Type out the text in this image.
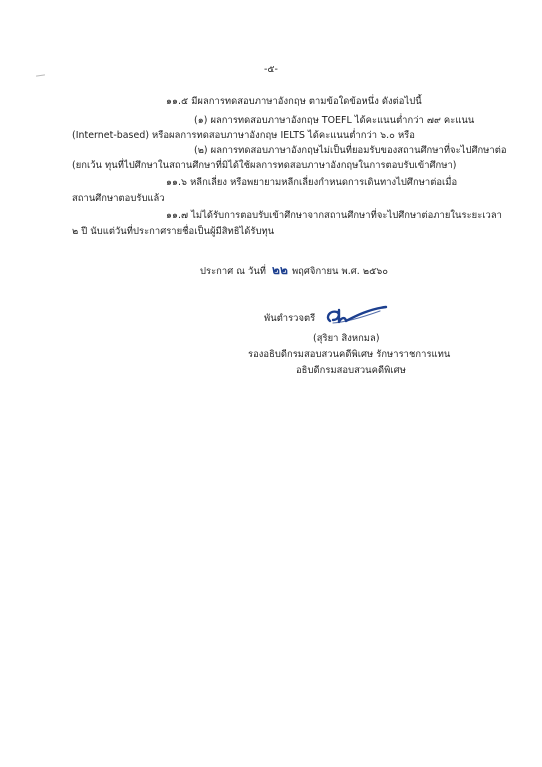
-๕-
๑๑.๕ มีผลการทดสอบภาษาอังกฤษ ตามข้อใดข้อหนึ่ง ดังต่อไปนี้
(๑) ผลการทดสอบภาษาอังกฤษ TOEFL ได้คะแนนต่ำกว่า ๗๙ คะแนน
(Internet-based) หรือผลการทดสอบภาษาอังกฤษ IELTS ได้คะแนนต่ำกว่า ๖.๐ หรือ
(๒) ผลการทดสอบภาษาอังกฤษไม่เป็นที่ยอมรับของสถานศึกษาที่จะไปศึกษาต่อ
(ยกเว้น ทุนที่ไปศึกษาในสถานศึกษาที่มิได้ใช้ผลการทดสอบภาษาอังกฤษในการตอบรับเข้าศึกษา)
๑๑.๖ หลีกเลี่ยง หรือพยายามหลีกเลี่ยงกำหนดการเดินทางไปศึกษาต่อเมื่อ
สถานศึกษาตอบรับแล้ว
๑๑.๗ ไม่ได้รับการตอบรับเข้าศึกษาจากสถานศึกษาที่จะไปศึกษาต่อภายในระยะเวลา
๒ ปี นับแต่วันที่ประกาศรายชื่อเป็นผู้มีสิทธิได้รับทุน
ประกาศ ณ วันที่ ๒๒ พฤศจิกายน พ.ศ. ๒๕๖๐
พันตำรวจตรี
(สุริยา สิงหกมล)
รองอธิบดีกรมสอบสวนคดีพิเศษ รักษาราชการแทน
อธิบดีกรมสอบสวนคดีพิเศษ
